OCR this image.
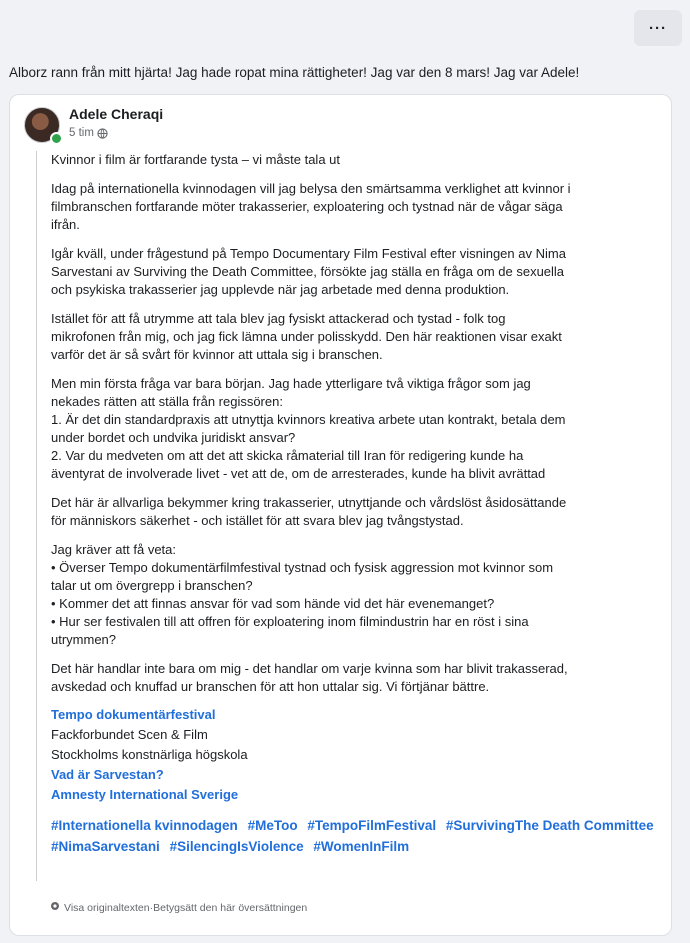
···
Alborz rann från mitt hjärta! Jag hade ropat mina rättigheter! Jag var den 8 mars! Jag var Adele!
Adele Cheraqi
5 tim

Kvinnor i film är fortfarande tysta – vi måste tala ut

Idag på internationella kvinnodagen vill jag belysa den smärtsamma verklighet att kvinnor i
filmbranschen fortfarande möter trakasserier, exploatering och tystnad när de vågar säga
ifrån.

Igår kväll, under frågestund på Tempo Documentary Film Festival efter visningen av Nima
Sarvestani av Surviving the Death Committee, försökte jag ställa en fråga om de sexuella
och psykiska trakasserier jag upplevde när jag arbetade med denna produktion.

Istället för att få utrymme att tala blev jag fysiskt attackerad och tystad - folk tog
mikrofonen från mig, och jag fick lämna under polisskydd. Den här reaktionen visar exakt
varför det är så svårt för kvinnor att uttala sig i branschen.

Men min första fråga var bara början. Jag hade ytterligare två viktiga frågor som jag
nekades rätten att ställa från regissören:
1. Är det din standardpraxis att utnyttja kvinnors kreativa arbete utan kontrakt, betala dem
under bordet och undvika juridiskt ansvar?
2. Var du medveten om att det att skicka råmaterial till Iran för redigering kunde ha
äventyrat de involverade livet - vet att de, om de arresterades, kunde ha blivit avrättad

Det här är allvarliga bekymmer kring trakasserier, utnyttjande och vårdslöst åsidosättande
för människors säkerhet - och istället för att svara blev jag tvångstystad.

Jag kräver att få veta:
• Överser Tempo dokumentärfilmfestival tystnad och fysisk aggression mot kvinnor som
talar ut om övergrepp i branschen?
• Kommer det att finnas ansvar för vad som hände vid det här evenemanget?
• Hur ser festivalen till att offren för exploatering inom filmindustrin har en röst i sina
utrymmen?

Det här handlar inte bara om mig - det handlar om varje kvinna som har blivit trakasserad,
avskedad och knuffad ur branschen för att hon uttalar sig. Vi förtjänar bättre.

Tempo dokumentärfestival
Fackforbundet Scen & Film
Stockholms konstnärliga högskola
Vad är Sarvestan?
Amnesty International Sverige
#Internationella kvinnodagen #MeToo #TempoFilmFestival #SurvivingThe Death Committee #NimaSarvestani #SilencingIsViolence #WomenInFilm
Visa originaltexten·Betygsätt den här översättningen
